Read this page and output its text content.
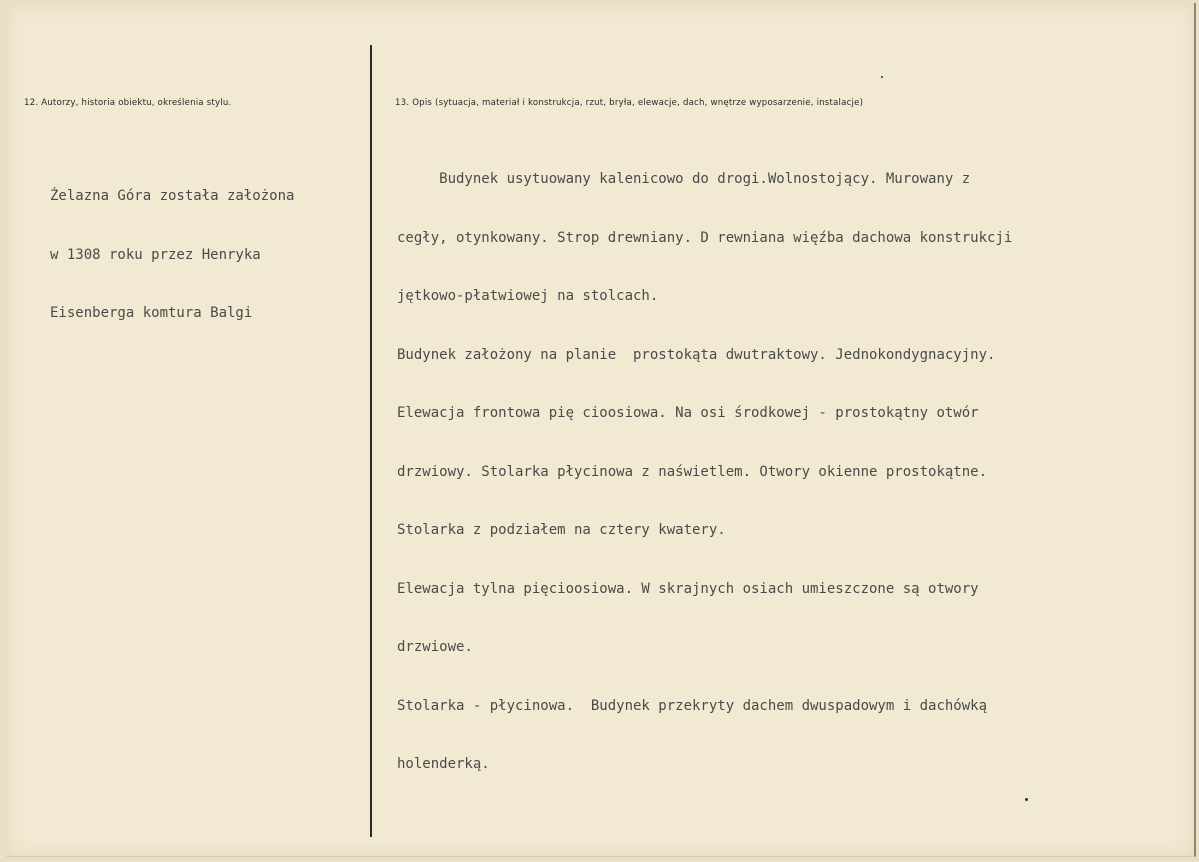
12. Autorzy, historia obiektu, określenia stylu.	13. Opis (sytuacja, materiał i konstrukcja, rzut, bryła, elewacje, dach, wnętrze wyposarzenie, instalacje)

Żelazna Góra została założona

w 1308 roku przez Henryka

Eisenberga komtura Balgi

Budynek usytuowany kalenicowo do drogi.Wolnostojący. Murowany z

cegły, otynkowany. Strop drewniany. D rewniana więźba dachowa konstrukcji

jętkowo-płatwiowej na stolcach.

Budynek założony na planie  prostokąta dwutraktowy. Jednokondygnacyjny.

Elewacja frontowa pię cioosiowa. Na osi środkowej - prostokątny otwór

drzwiowy. Stolarka płycinowa z naświetlem. Otwory okienne prostokątne.

Stolarka z podziałem na cztery kwatery.

Elewacja tylna pięcioosiowa. W skrajnych osiach umieszczone są otwory

drzwiowe.

Stolarka - płycinowa.  Budynek przekryty dachem dwuspadowym i dachówką

holenderką.
